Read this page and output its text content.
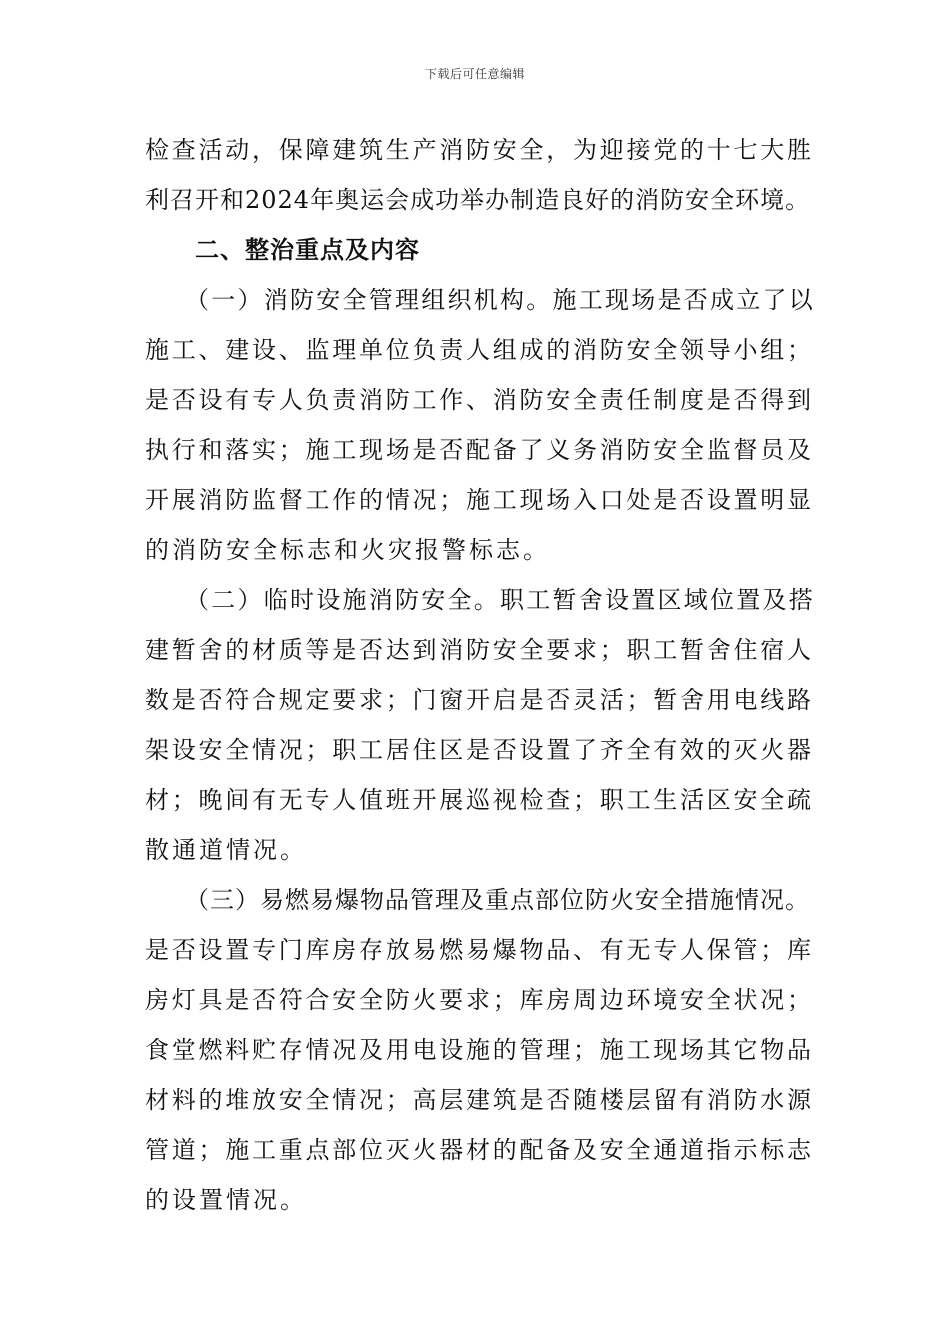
下载后可任意编辑
检查活动，保障建筑生产消防安全，为迎接党的十七大胜
利召开和2024年奥运会成功举办制造良好的消防安全环境。
二、整治重点及内容
（一）消防安全管理组织机构。施工现场是否成立了以
施工、建设、监理单位负责人组成的消防安全领导小组；
是否设有专人负责消防工作、消防安全责任制度是否得到
执行和落实；施工现场是否配备了义务消防安全监督员及
开展消防监督工作的情况；施工现场入口处是否设置明显
的消防安全标志和火灾报警标志。
（二）临时设施消防安全。职工暂舍设置区域位置及搭
建暂舍的材质等是否达到消防安全要求；职工暂舍住宿人
数是否符合规定要求；门窗开启是否灵活；暂舍用电线路
架设安全情况；职工居住区是否设置了齐全有效的灭火器
材；晚间有无专人值班开展巡视检查；职工生活区安全疏
散通道情况。
（三）易燃易爆物品管理及重点部位防火安全措施情况。
是否设置专门库房存放易燃易爆物品、有无专人保管；库
房灯具是否符合安全防火要求；库房周边环境安全状况；
食堂燃料贮存情况及用电设施的管理；施工现场其它物品
材料的堆放安全情况；高层建筑是否随楼层留有消防水源
管道；施工重点部位灭火器材的配备及安全通道指示标志
的设置情况。
